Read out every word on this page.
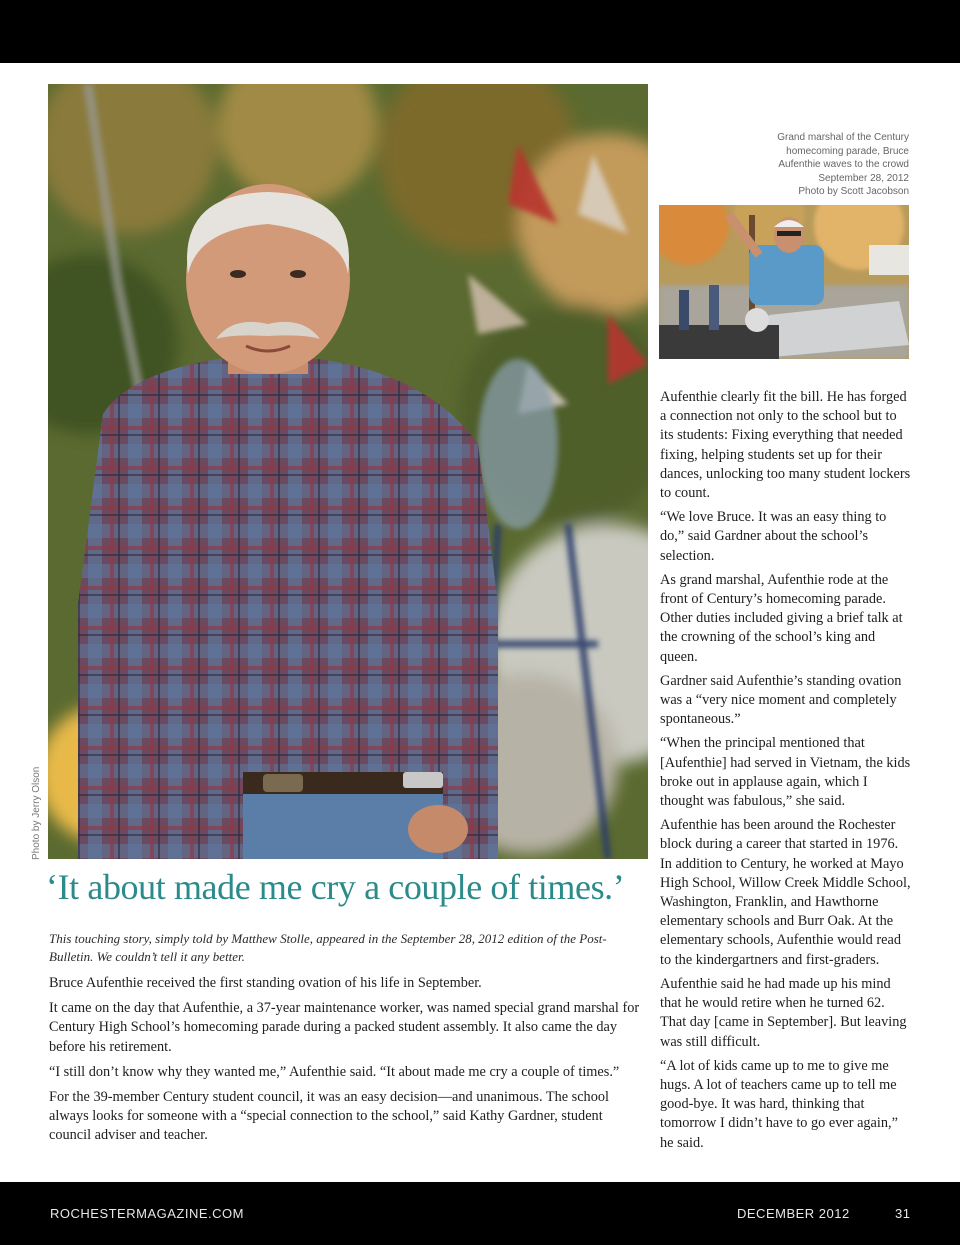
Photo by Jerry Olson
Grand marshal of the Century
homecoming parade, Bruce
Aufenthie waves to the crowd
September 28, 2012
Photo by Scott Jacobson

Aufenthie clearly fit the bill. He has forged a connection not only to the school but to its students: Fixing everything that needed fixing, helping students set up for their dances, unlocking too many student lockers to count.

“We love Bruce. It was an easy thing to do,” said Gardner about the school’s selection.

As grand marshal, Aufenthie rode at the front of Century’s homecoming parade. Other duties included giving a brief talk at the crowning of the school’s king and queen.

Gardner said Aufenthie’s standing ovation was a “very nice moment and completely spontaneous.”

“When the principal mentioned that [Aufenthie] had served in Vietnam, the kids broke out in applause again, which I thought was fabulous,” she said.

Aufenthie has been around the Rochester block during a career that started in 1976. In addition to Century, he worked at Mayo High School, Willow Creek Middle School, Washington, Franklin, and Hawthorne elementary schools and Burr Oak. At the elementary schools, Aufenthie would read to the kindergartners and first-graders.

Aufenthie said he had made up his mind that he would retire when he turned 62. That day [came in September]. But leaving was still difficult.

“A lot of kids came up to me to give me hugs. A lot of teachers came up to tell me good-bye. It was hard, thinking that tomorrow I didn’t have to go ever again,” he said.

‘It about made me cry a couple of times.’
This touching story, simply told by Matthew Stolle, appeared in the September 28, 2012 edition of the Post-Bulletin. We couldn’t tell it any better.

Bruce Aufenthie received the first standing ovation of his life in September.

It came on the day that Aufenthie, a 37-year maintenance worker, was named special grand marshal for Century High School’s homecoming parade during a packed student assembly. It also came the day before his retirement.

“I still don’t know why they wanted me,” Aufenthie said. “It about made me cry a couple of times.”

For the 39-member Century student council, it was an easy decision—and unanimous. The school always looks for someone with a “special connection to the school,” said Kathy Gardner, student council adviser and teacher.

ROCHESTERMAGAZINE.COM	DECEMBER 2012	31
